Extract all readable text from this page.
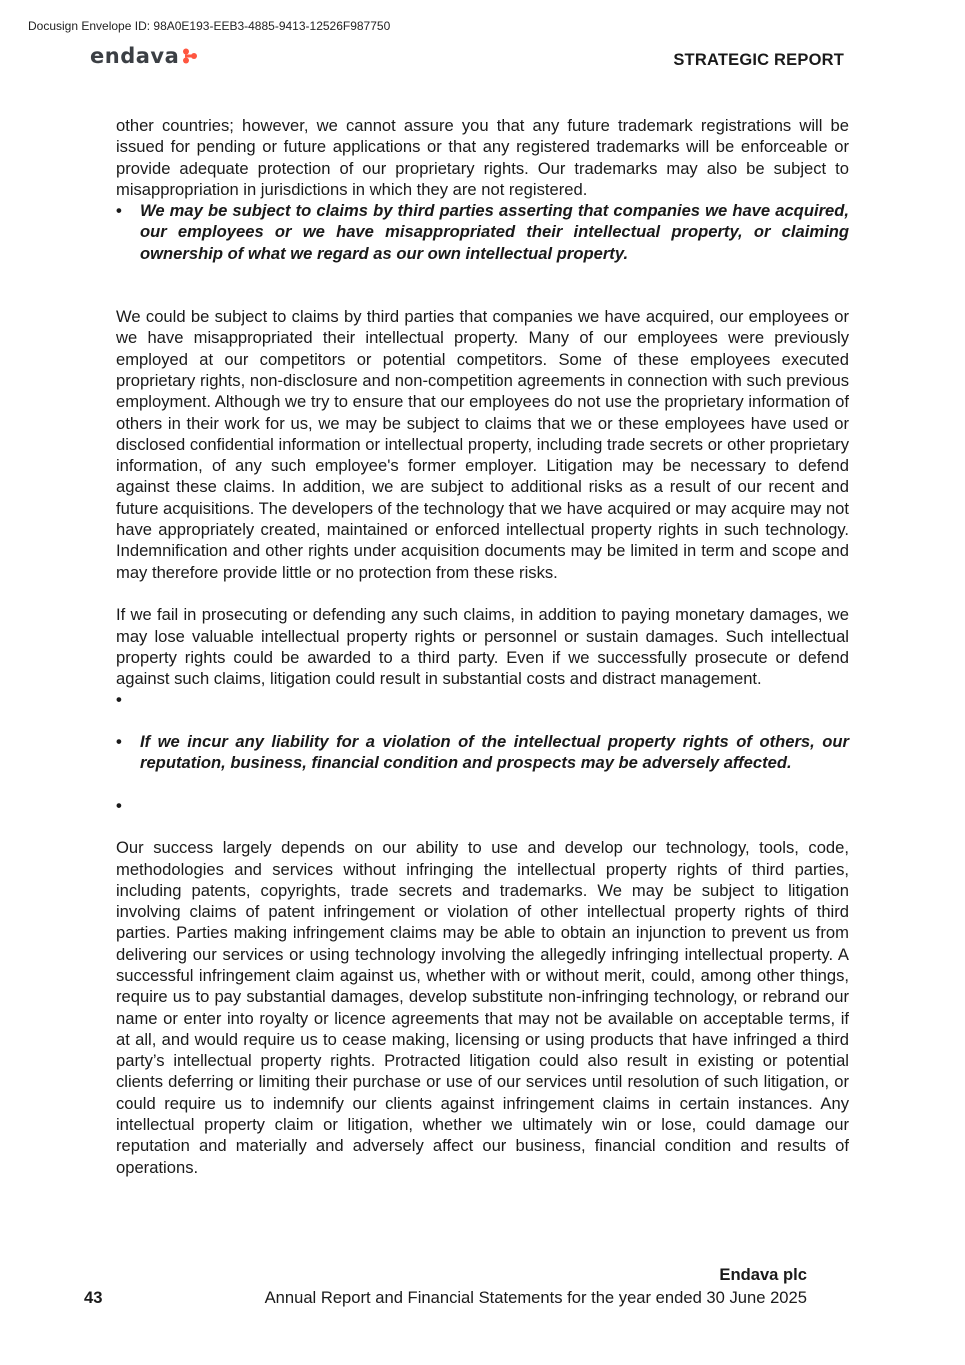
Docusign Envelope ID: 98A0E193-EEB3-4885-9413-12526F987750
endava	STRATEGIC REPORT

other countries; however, we cannot assure you that any future trademark registrations will be issued for pending or future applications or that any registered trademarks will be enforceable or provide adequate protection of our proprietary rights. Our trademarks may also be subject to misappropriation in jurisdictions in which they are not registered.

• We may be subject to claims by third parties asserting that companies we have acquired, our employees or we have misappropriated their intellectual property, or claiming ownership of what we regard as our own intellectual property.

We could be subject to claims by third parties that companies we have acquired, our employees or we have misappropriated their intellectual property. Many of our employees were previously employed at our competitors or potential competitors. Some of these employees executed proprietary rights, non-disclosure and non-competition agreements in connection with such previous employment. Although we try to ensure that our employees do not use the proprietary information of others in their work for us, we may be subject to claims that we or these employees have used or disclosed confidential information or intellectual property, including trade secrets or other proprietary information, of any such employee's former employer. Litigation may be necessary to defend against these claims. In addition, we are subject to additional risks as a result of our recent and future acquisitions. The developers of the technology that we have acquired or may acquire may not have appropriately created, maintained or enforced intellectual property rights in such technology. Indemnification and other rights under acquisition documents may be limited in term and scope and may therefore provide little or no protection from these risks.

If we fail in prosecuting or defending any such claims, in addition to paying monetary damages, we may lose valuable intellectual property rights or personnel or sustain damages. Such intellectual property rights could be awarded to a third party. Even if we successfully prosecute or defend against such claims, litigation could result in substantial costs and distract management.

•

• If we incur any liability for a violation of the intellectual property rights of others, our reputation, business, financial condition and prospects may be adversely affected.
•

Our success largely depends on our ability to use and develop our technology, tools, code, methodologies and services without infringing the intellectual property rights of third parties, including patents, copyrights, trade secrets and trademarks. We may be subject to litigation involving claims of patent infringement or violation of other intellectual property rights of third parties. Parties making infringement claims may be able to obtain an injunction to prevent us from delivering our services or using technology involving the allegedly infringing intellectual property. A successful infringement claim against us, whether with or without merit, could, among other things, require us to pay substantial damages, develop substitute non-infringing technology, or rebrand our name or enter into royalty or licence agreements that may not be available on acceptable terms, if at all, and would require us to cease making, licensing or using products that have infringed a third party’s intellectual property rights. Protracted litigation could also result in existing or potential clients deferring or limiting their purchase or use of our services until resolution of such litigation, or could require us to indemnify our clients against infringement claims in certain instances. Any intellectual property claim or litigation, whether we ultimately win or lose, could damage our reputation and materially and adversely affect our business, financial condition and results of operations.

Endava plc
43	Annual Report and Financial Statements for the year ended 30 June 2025
